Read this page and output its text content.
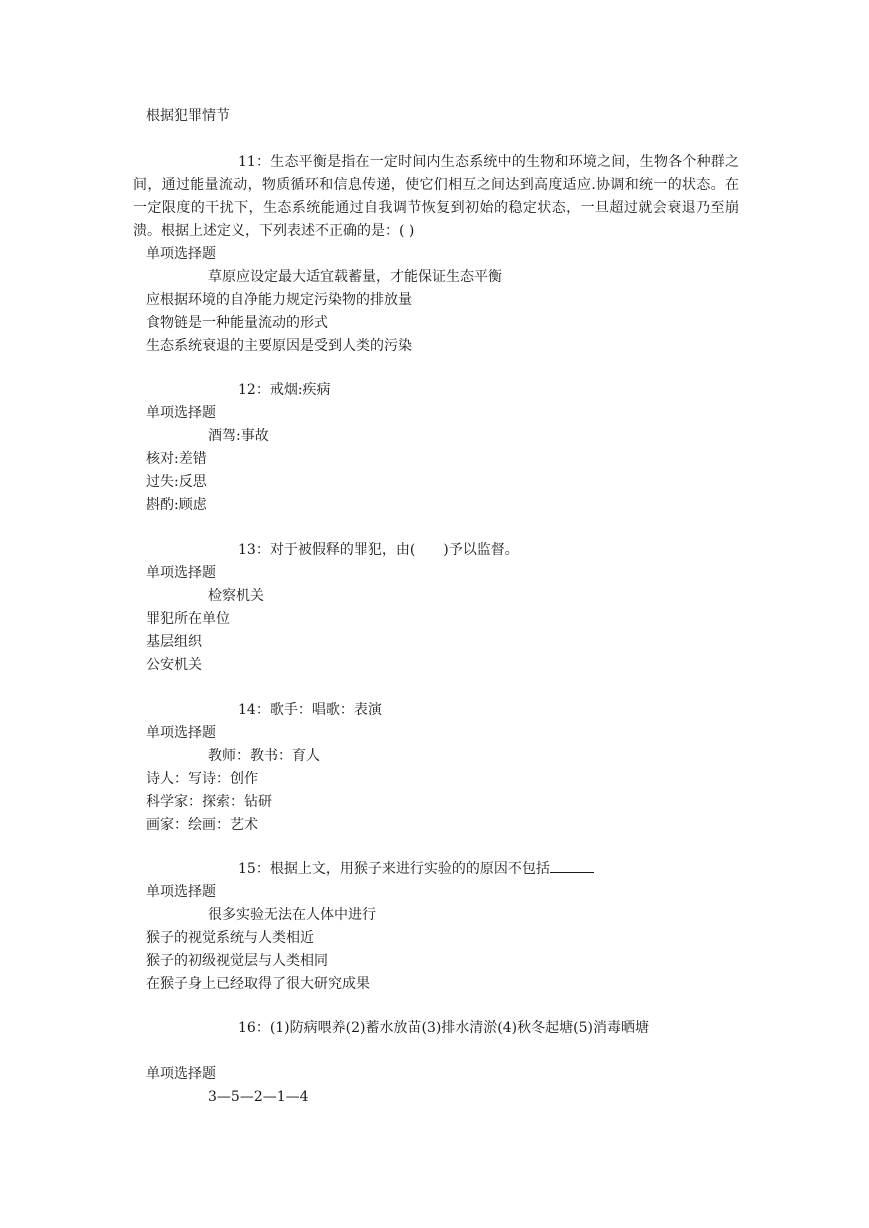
根据犯罪情节
11：生态平衡是指在一定时间内生态系统中的生物和环境之间，生物各个种群之间，通过能量流动，物质循环和信息传递，使它们相互之间达到高度适应.协调和统一的状态。在一定限度的干扰下，生态系统能通过自我调节恢复到初始的稳定状态，一旦超过就会衰退乃至崩溃。根据上述定义，下列表述不正确的是：( )
单项选择题
草原应设定最大适宜载蓄量，才能保证生态平衡
应根据环境的自净能力规定污染物的排放量
食物链是一种能量流动的形式
生态系统衰退的主要原因是受到人类的污染
12：戒烟:疾病
单项选择题
酒驾:事故
核对:差错
过失:反思
斟酌:顾虑
13：对于被假释的罪犯，由(　　)予以监督。
单项选择题
检察机关
罪犯所在单位
基层组织
公安机关
14：歌手：唱歌：表演
单项选择题
教师：教书：育人
诗人：写诗：创作
科学家：探索：钻研
画家：绘画：艺术
15：根据上文，用猴子来进行实验的的原因不包括
单项选择题
很多实验无法在人体中进行
猴子的视觉系统与人类相近
猴子的初级视觉层与人类相同
在猴子身上已经取得了很大研究成果
16：(1)防病喂养(2)蓄水放苗(3)排水清淤(4)秋冬起塘(5)消毒晒塘
单项选择题
3—5—2—1—4
